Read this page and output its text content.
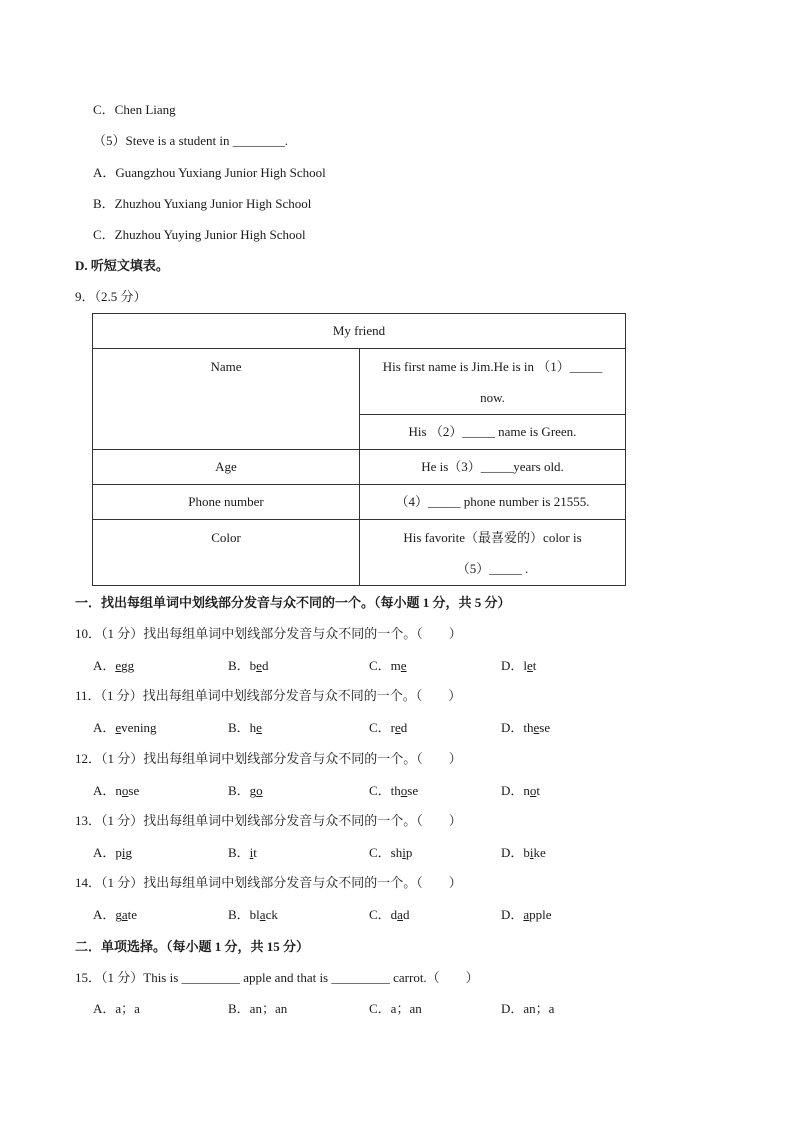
C．Chen Liang
（5）Steve is a student in ________.
A．Guangzhou Yuxiang Junior High School
B．Zhuzhou Yuxiang Junior High School
C．Zhuzhou Yuying Junior High School
D. 听短文填表。
9．（2.5 分）
My friend	
Name	His first name is Jim.He is in （1）_____
now.

	His （2）_____ name is Green.
Age	He is（3）_____years old.
Phone number	（4）_____ phone number is 21555.
Color	His favorite（最喜爱的）color is
（5）_____ .
一．找出每组单词中划线部分发音与众不同的一个。（每小题 1 分，共 5 分）
10．（1 分）找出每组单词中划线部分发音与众不同的一个。（　　）
A．egg	B．bed	C．me	D．let
11．（1 分）找出每组单词中划线部分发音与众不同的一个。（　　）
A．evening	B．he	C．red	D．these
12．（1 分）找出每组单词中划线部分发音与众不同的一个。（　　）
A．nose	B．go	C．those	D．not
13．（1 分）找出每组单词中划线部分发音与众不同的一个。（　　）
A．pig	B．it	C．ship	D．bike
14．（1 分）找出每组单词中划线部分发音与众不同的一个。（　　）
A．gate	B．black	C．dad	D．apple
二．单项选择。（每小题 1 分，共 15 分）
15．（1 分）This is _________ apple and that is _________ carrot.（　　）
A．a；a	B．an；an	C．a；an	D．an；a
